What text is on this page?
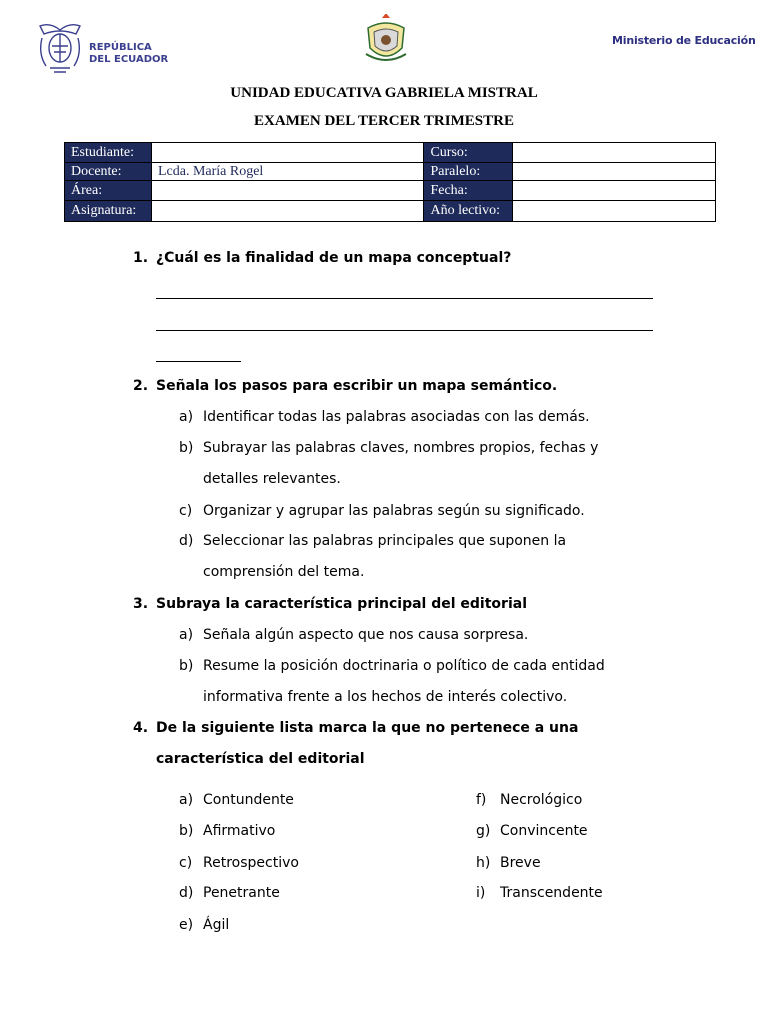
REPÚBLICA
DEL ECUADOR
Ministerio de Educación
UNIDAD EDUCATIVA GABRIELA MISTRAL
EXAMEN DEL TERCER TRIMESTRE
Estudiante:		Curso:	
Docente:	Lcda. María Rogel	Paralelo:	
Área:		Fecha:	
Asignatura:		Año lectivo:	
1. ¿Cuál es la finalidad de un mapa conceptual?
2. Señala los pasos para escribir un mapa semántico.
a) Identificar todas las palabras asociadas con las demás.
b) Subrayar las palabras claves, nombres propios, fechas y
detalles relevantes.
c) Organizar y agrupar las palabras según su significado.
d) Seleccionar las palabras principales que suponen la
comprensión del tema.
3. Subraya la característica principal del editorial
a) Señala algún aspecto que nos causa sorpresa.
b) Resume la posición doctrinaria o político de cada entidad
informativa frente a los hechos de interés colectivo.
4. De la siguiente lista marca la que no pertenece a una
característica del editorial
a) Contundente
b) Afirmativo
c) Retrospectivo
d) Penetrante
e) Ágil
f) Necrológico
g) Convincente
h) Breve
i) Transcendente
